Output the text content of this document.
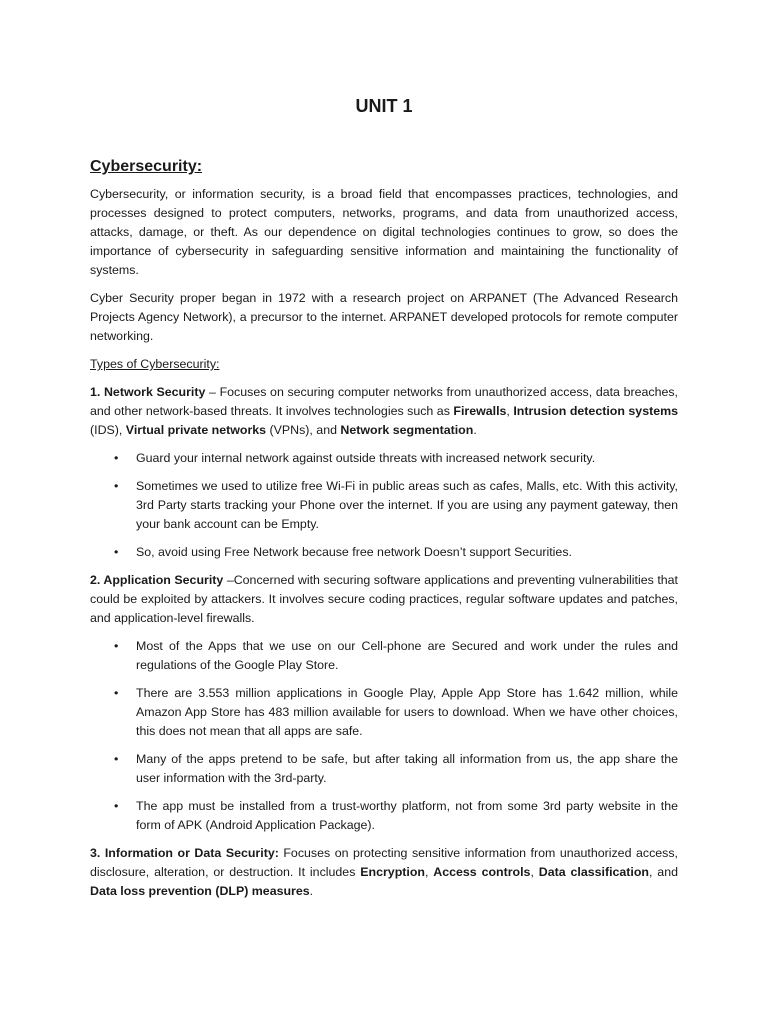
UNIT 1
Cybersecurity:

Cybersecurity, or information security, is a broad field that encompasses practices, technologies, and processes designed to protect computers, networks, programs, and data from unauthorized access, attacks, damage, or theft. As our dependence on digital technologies continues to grow, so does the importance of cybersecurity in safeguarding sensitive information and maintaining the functionality of systems.

Cyber Security proper began in 1972 with a research project on ARPANET (The Advanced Research Projects Agency Network), a precursor to the internet. ARPANET developed protocols for remote computer networking.

Types of Cybersecurity:

1. Network Security – Focuses on securing computer networks from unauthorized access, data breaches, and other network-based threats. It involves technologies such as Firewalls, Intrusion detection systems (IDS), Virtual private networks (VPNs), and Network segmentation.

• Guard your internal network against outside threats with increased network security.
• Sometimes we used to utilize free Wi-Fi in public areas such as cafes, Malls, etc. With this activity, 3rd Party starts tracking your Phone over the internet. If you are using any payment gateway, then your bank account can be Empty.
• So, avoid using Free Network because free network Doesn’t support Securities.

2. Application Security –Concerned with securing software applications and preventing vulnerabilities that could be exploited by attackers. It involves secure coding practices, regular software updates and patches, and application-level firewalls.

• Most of the Apps that we use on our Cell-phone are Secured and work under the rules and regulations of the Google Play Store.
• There are 3.553 million applications in Google Play, Apple App Store has 1.642 million, while Amazon App Store has 483 million available for users to download. When we have other choices, this does not mean that all apps are safe.
• Many of the apps pretend to be safe, but after taking all information from us, the app share the user information with the 3rd-party.
• The app must be installed from a trust-worthy platform, not from some 3rd party website in the form of APK (Android Application Package).

3. Information or Data Security: Focuses on protecting sensitive information from unauthorized access, disclosure, alteration, or destruction. It includes Encryption, Access controls, Data classification, and Data loss prevention (DLP) measures.
